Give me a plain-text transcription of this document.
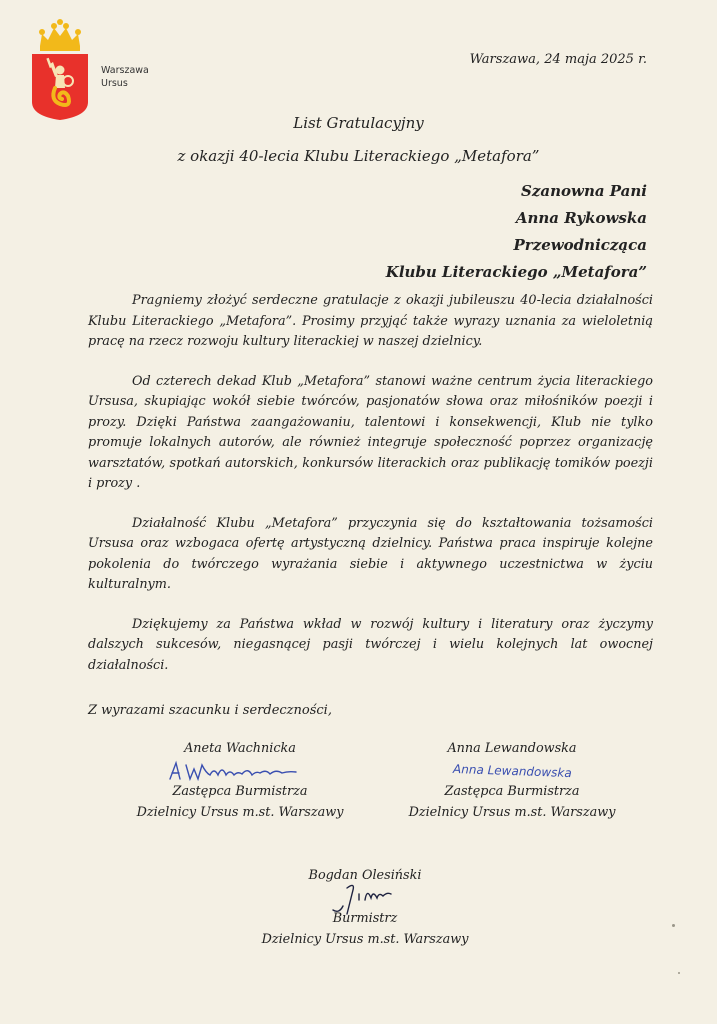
Warszawa
Ursus
Warszawa, 24 maja 2025 r.
List Gratulacyjny
z okazji 40-lecia Klubu Literackiego „Metafora”
Szanowna Pani
Anna Rykowska
Przewodnicząca
Klubu Literackiego „Metafora”

Pragniemy złożyć serdeczne gratulacje z okazji jubileuszu 40-lecia działalności Klubu Literackiego „Metafora”. Prosimy przyjąć także wyrazy uznania za wieloletnią pracę na rzecz rozwoju kultury literackiej w naszej dzielnicy.

Od czterech dekad Klub „Metafora” stanowi ważne centrum życia literackiego Ursusa, skupiając wokół siebie twórców, pasjonatów słowa oraz miłośników poezji i prozy. Dzięki Państwa zaangażowaniu, talentowi i konsekwencji, Klub nie tylko promuje lokalnych autorów, ale również integruje społeczność poprzez organizację warsztatów, spotkań autorskich, konkursów literackich oraz publikację tomików poezji i prozy .

Działalność Klubu „Metafora” przyczynia się do kształtowania tożsamości Ursusa oraz wzbogaca ofertę artystyczną dzielnicy. Państwa praca inspiruje kolejne pokolenia do twórczego wyrażania siebie i aktywnego uczestnictwa w życiu kulturalnym.

Dziękujemy za Państwa wkład w rozwój kultury i literatury oraz życzymy dalszych sukcesów, niegasnącej pasji twórczej i wielu kolejnych lat owocnej działalności.

Z wyrazami szacunku i serdeczności,
Aneta Wachnicka
Zastępca Burmistrza
Dzielnicy Ursus m.st. Warszawy
Anna Lewandowska
Anna Lewandowska
Zastępca Burmistrza
Dzielnicy Ursus m.st. Warszawy
Bogdan Olesiński
Burmistrz
Dzielnicy Ursus m.st. Warszawy
